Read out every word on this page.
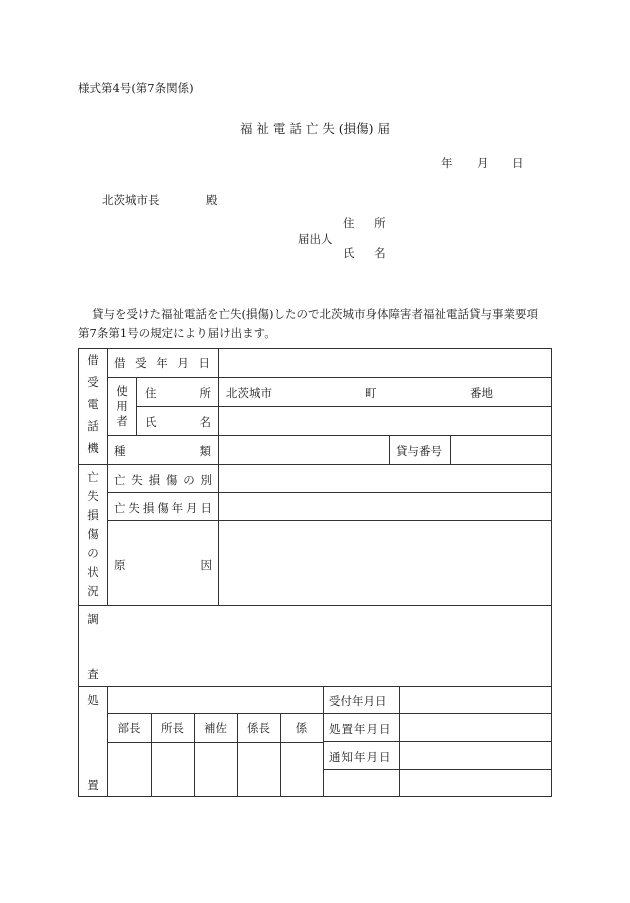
様式第4号(第7条関係)
福 祉 電 話 亡 失 (損傷) 届
年 月 日
北茨城市長	殿
届出人
住 所
氏 名
貸与を受けた福祉電話を亡失(損傷)したので北茨城市身体障害者福祉電話貸与事業要項
第7条第1号の規定により届け出ます。
借
受
電
話
機
借 受 年 月 日
使
用
者
住	所 北茨城市	町	番地
氏	名
種	類	貸与番号
亡
失
損
傷
の
状
況
亡 失 損 傷 の 別
亡 失 損 傷 年 月 日
原	因
調
査
処
置
部長	所長	補佐	係長	係
受付年月日
処置年月日
通知年月日
